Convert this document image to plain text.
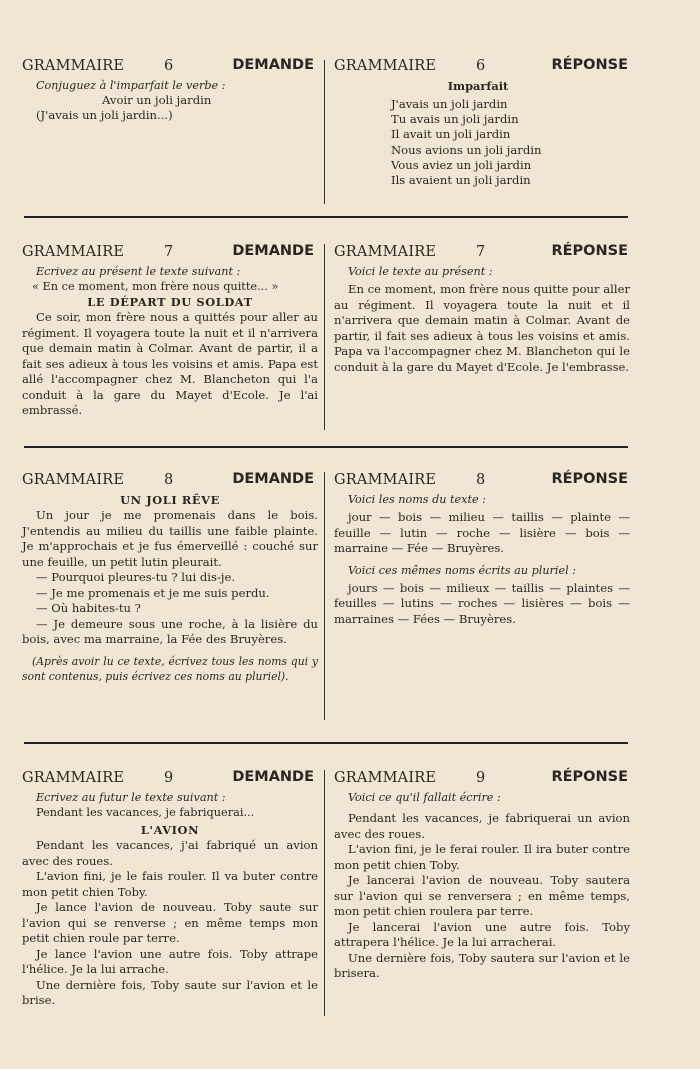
GRAMMAIRE	6	DEMANDE
Conjuguez à l'imparfait le verbe :
Avoir un joli jardin
(J'avais un joli jardin...)
GRAMMAIRE	6	RÉPONSE
Imparfait
J'avais un joli jardin
Tu avais un joli jardin
Il avait un joli jardin
Nous avions un joli jardin
Vous aviez un joli jardin
Ils avaient un joli jardin
GRAMMAIRE	7	DEMANDE
Ecrivez au présent le texte suivant :
« En ce moment, mon frère nous quitte... »
LE DÉPART DU SOLDAT
Ce soir, mon frère nous a quittés pour aller au régiment. Il voyagera toute la nuit et il n'arrivera que demain matin à Colmar. Avant de partir, il a fait ses adieux à tous les voisins et amis. Papa est allé l'accompagner chez M. Blancheton qui l'a conduit à la gare du Mayet d'Ecole. Je l'ai embrassé.
GRAMMAIRE	7	RÉPONSE
Voici le texte au présent :
En ce moment, mon frère nous quitte pour aller au régiment. Il voyagera toute la nuit et il n'arrivera que demain matin à Colmar. Avant de partir, il fait ses adieux à tous les voisins et amis. Papa va l'accompagner chez M. Blancheton qui le conduit à la gare du Mayet d'Ecole. Je l'embrasse.
GRAMMAIRE	8	DEMANDE
UN JOLI RÊVE
Un jour je me promenais dans le bois. J'entendis au milieu du taillis une faible plainte. Je m'approchais et je fus émerveillé : couché sur une feuille, un petit lutin pleurait.
— Pourquoi pleures-tu ? lui dis-je.
— Je me promenais et je me suis perdu.
— Où habites-tu ?
— Je demeure sous une roche, à la lisière du bois, avec ma marraine, la Fée des Bruyères.
(Après avoir lu ce texte, écrivez tous les noms qui y sont contenus, puis écrivez ces noms au pluriel).
GRAMMAIRE	8	RÉPONSE
Voici les noms du texte :
jour — bois — milieu — taillis — plainte — feuille — lutin — roche — lisière — bois — marraine — Fée — Bruyères.
Voici ces mêmes noms écrits au pluriel :
jours — bois — milieux — taillis — plaintes — feuilles — lutins — roches — lisières — bois — marraines — Fées — Bruyères.
GRAMMAIRE	9	DEMANDE
Ecrivez au futur le texte suivant :
Pendant les vacances, je fabriquerai...
L'AVION
Pendant les vacances, j'ai fabriqué un avion avec des roues.
L'avion fini, je le fais rouler. Il va buter contre mon petit chien Toby.
Je lance l'avion de nouveau. Toby saute sur l'avion qui se renverse ; en même temps mon petit chien roule par terre.
Je lance l'avion une autre fois. Toby attrape l'hélice. Je la lui arrache.
Une dernière fois, Toby saute sur l'avion et le brise.
GRAMMAIRE	9	RÉPONSE
Voici ce qu'il fallait écrire :
Pendant les vacances, je fabriquerai un avion avec des roues.
L'avion fini, je le ferai rouler. Il ira buter contre mon petit chien Toby.
Je lancerai l'avion de nouveau. Toby sautera sur l'avion qui se renversera ; en même temps, mon petit chien roulera par terre.
Je lancerai l'avion une autre fois. Toby attrapera l'hélice. Je la lui arracherai.
Une dernière fois, Toby sautera sur l'avion et le brisera.
